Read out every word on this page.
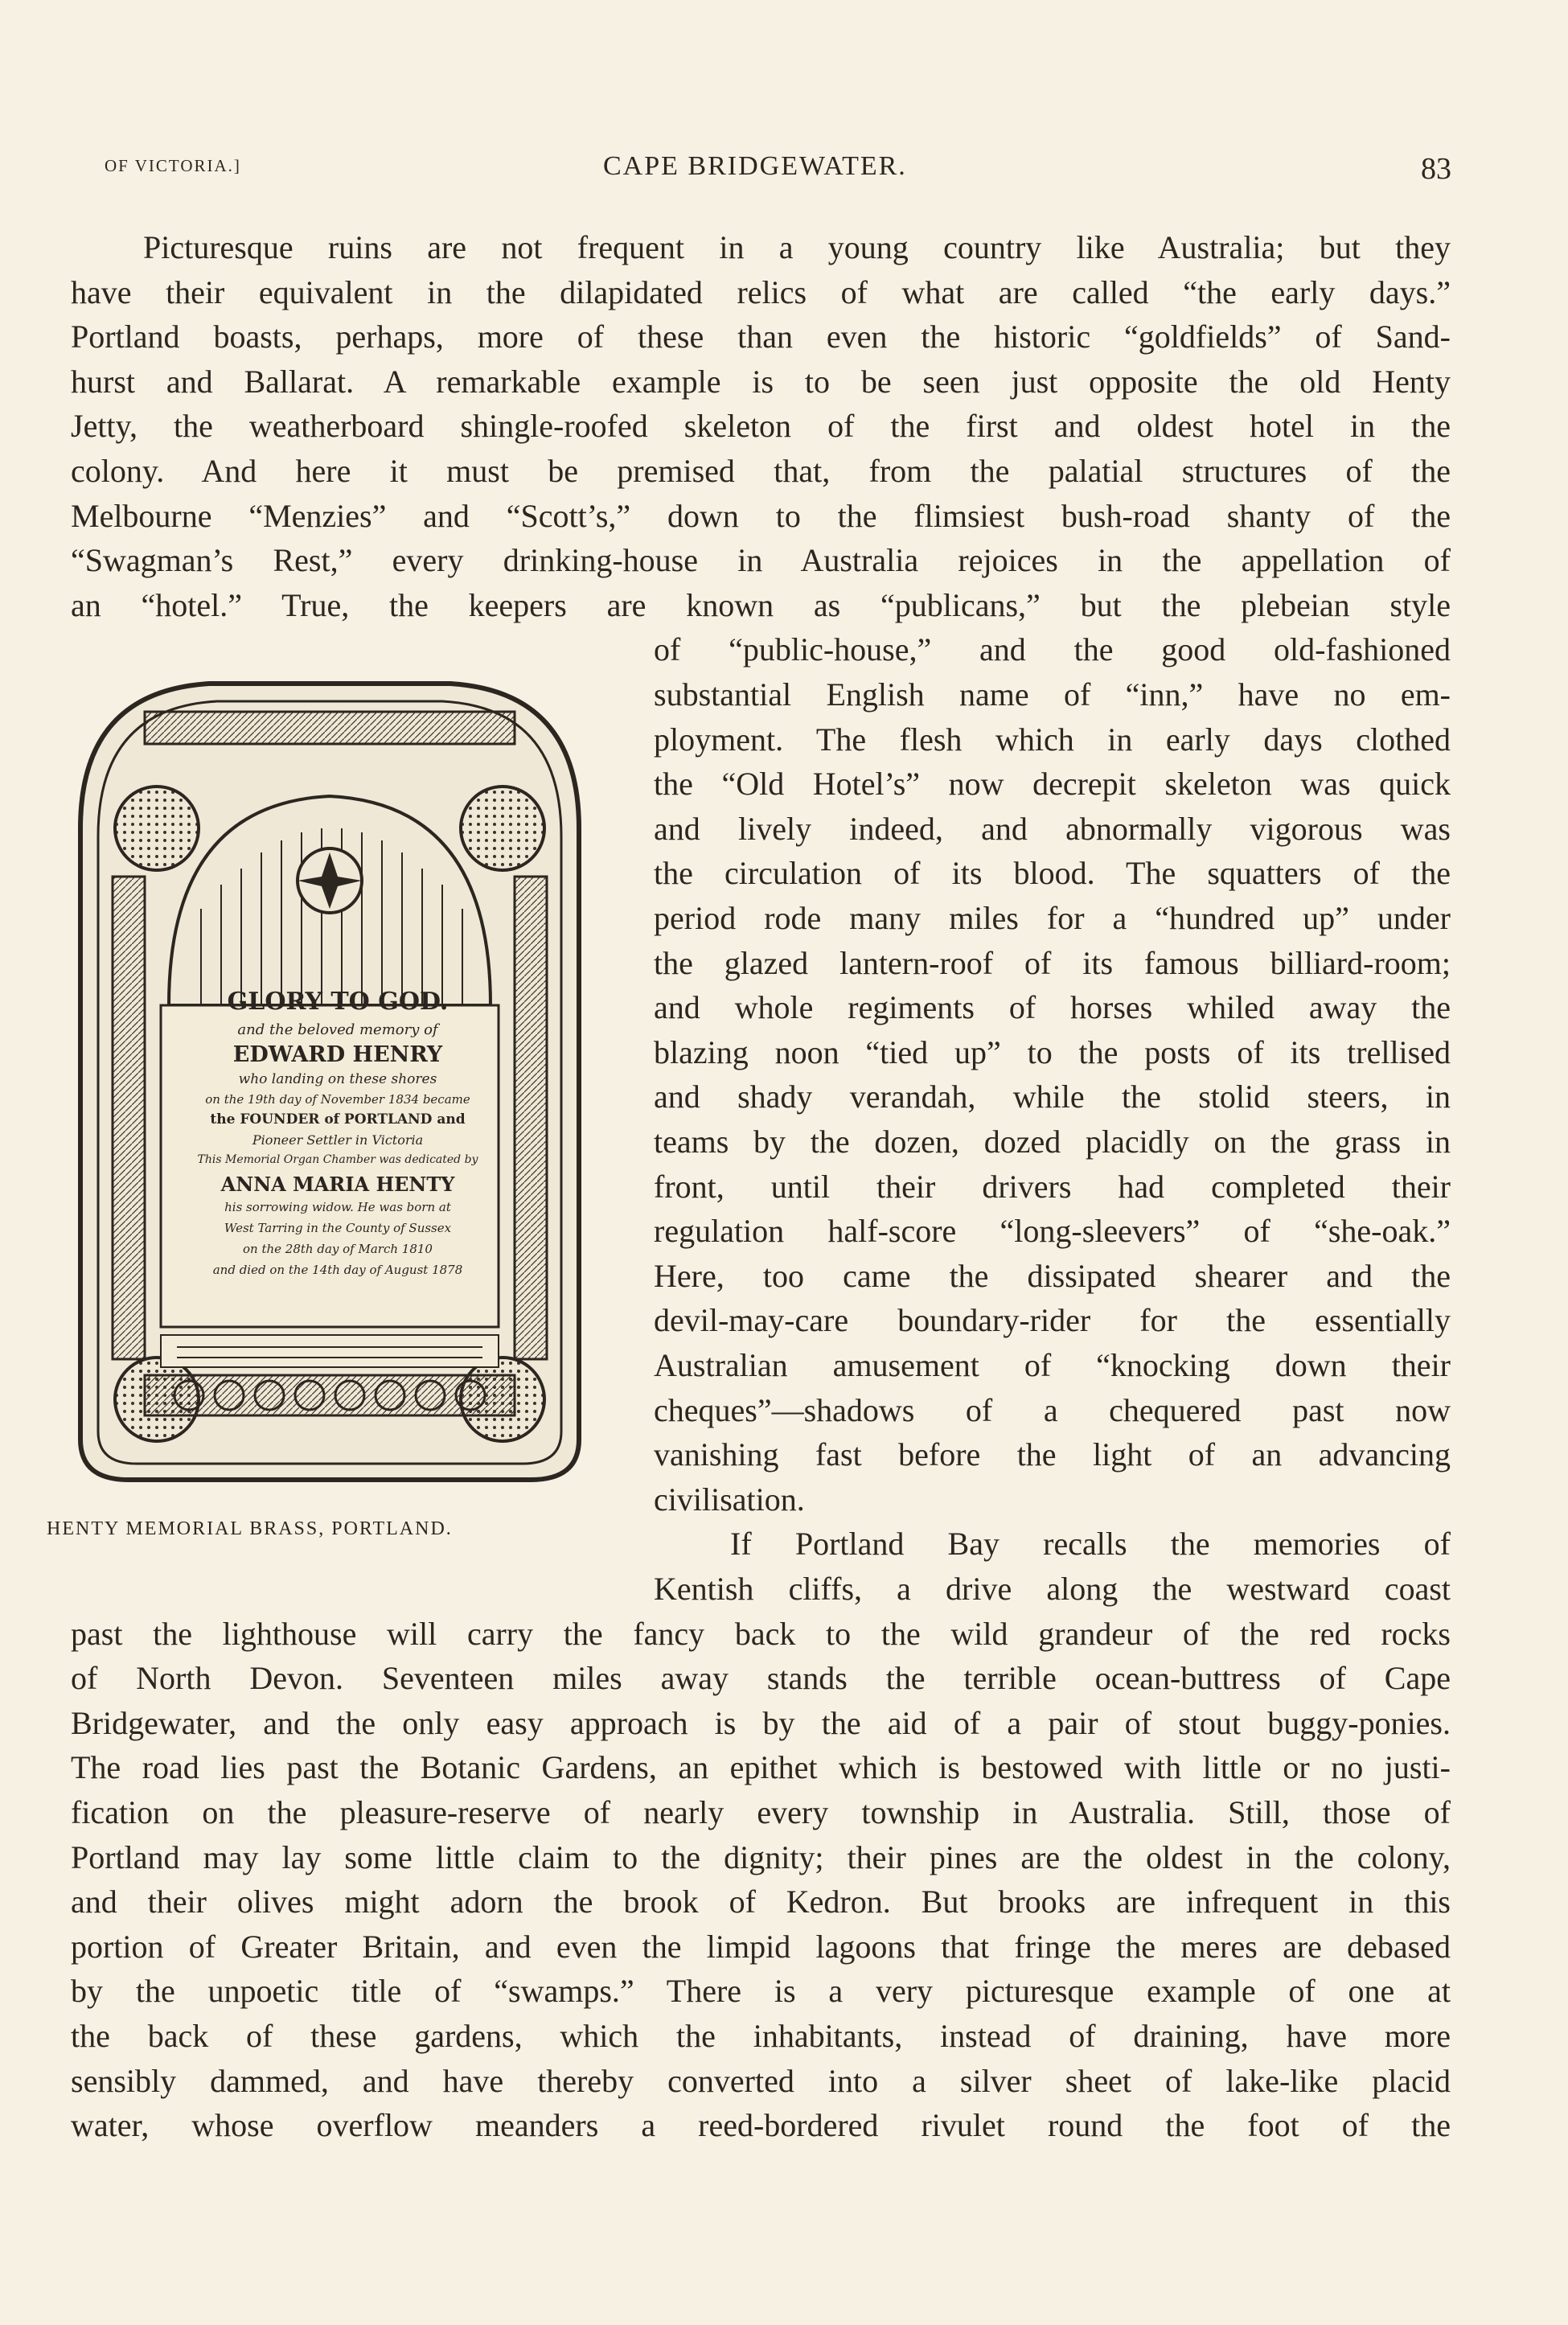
OF VICTORIA.]	CAPE BRIDGEWATER.	83
Picturesque ruins are not frequent in a young country like Australia; but they
have their equivalent in the dilapidated relics of what are called “the early days.”
Portland boasts, perhaps, more of these than even the historic “goldfields” of Sand-
hurst and Ballarat. A remarkable example is to be seen just opposite the old Henty
Jetty, the weatherboard shingle-roofed skeleton of the first and oldest hotel in the
colony. And here it must be premised that, from the palatial structures of the
Melbourne “Menzies” and “Scott’s,” down to the flimsiest bush-road shanty of the
“Swagman’s Rest,” every drinking-house in Australia rejoices in the appellation of
an “hotel.” True, the keepers are known as “publicans,” but the plebeian style
of “public-house,” and the good old-fashioned
substantial English name of “inn,” have no em-
ployment. The flesh which in early days clothed
the “Old Hotel’s” now decrepit skeleton was quick
and lively indeed, and abnormally vigorous was
the circulation of its blood. The squatters of the
period rode many miles for a “hundred up” under
the glazed lantern-roof of its famous billiard-room;
and whole regiments of horses whiled away the
blazing noon “tied up” to the posts of its trellised
and shady verandah, while the stolid steers, in
teams by the dozen, dozed placidly on the grass in
front, until their drivers had completed their
regulation half-score “long-sleevers” of “she-oak.”
Here, too came the dissipated shearer and the
devil-may-care boundary-rider for the essentially
Australian amusement of “knocking down their
cheques”—shadows of a chequered past now
vanishing fast before the light of an advancing
civilisation.
If Portland Bay recalls the memories of
Kentish cliffs, a drive along the westward coast
past the lighthouse will carry the fancy back to the wild grandeur of the red rocks
of North Devon. Seventeen miles away stands the terrible ocean-buttress of Cape
Bridgewater, and the only easy approach is by the aid of a pair of stout buggy-ponies.
The road lies past the Botanic Gardens, an epithet which is bestowed with little or no justi-
fication on the pleasure-reserve of nearly every township in Australia. Still, those of
Portland may lay some little claim to the dignity; their pines are the oldest in the colony,
and their olives might adorn the brook of Kedron. But brooks are infrequent in this
portion of Greater Britain, and even the limpid lagoons that fringe the meres are debased
by the unpoetic title of “swamps.” There is a very picturesque example of one at
the back of these gardens, which the inhabitants, instead of draining, have more
sensibly dammed, and have thereby converted into a silver sheet of lake-like placid
water, whose overflow meanders a reed-bordered rivulet round the foot of the
GLORY TO GOD.
and the beloved memory of
EDWARD HENRY
who landing on these shores
on the 19th day of November 1834 became
the FOUNDER of PORTLAND and
Pioneer Settler in Victoria
This Memorial Organ Chamber was dedicated by
ANNA MARIA HENTY
his sorrowing widow. He was born at
West Tarring in the County of Sussex
on the 28th day of March 1810
and died on the 14th day of August 1878
HENTY MEMORIAL BRASS, PORTLAND.
